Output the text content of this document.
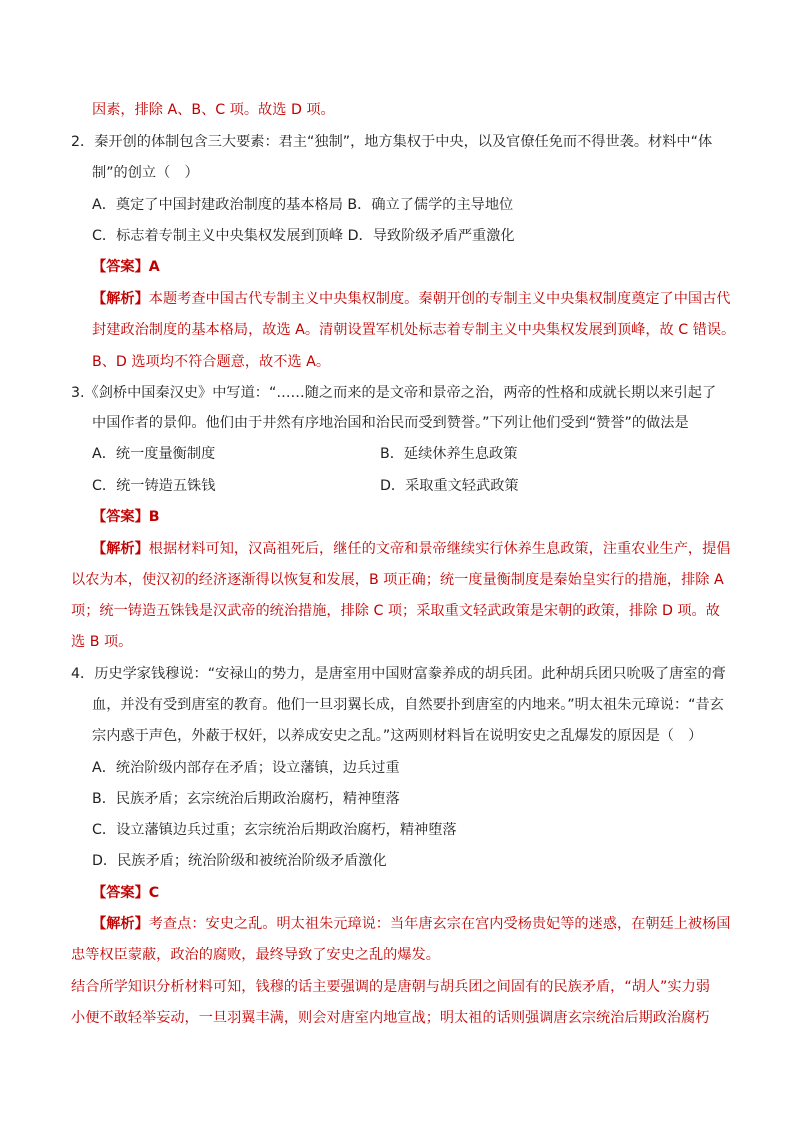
因素，排除 A、B、C 项。故选 D 项。
2．秦开创的体制包含三大要素：君主“独制”，地方集权于中央，以及官僚任免而不得世袭。材料中“体
制”的创立（　）
A．奠定了中国封建政治制度的基本格局 B．确立了儒学的主导地位
C．标志着专制主义中央集权发展到顶峰 D．导致阶级矛盾严重激化
【答案】A
【解析】本题考查中国古代专制主义中央集权制度。秦朝开创的专制主义中央集权制度奠定了中国古代
封建政治制度的基本格局，故选 A。清朝设置军机处标志着专制主义中央集权发展到顶峰，故 C 错误。
B、D 选项均不符合题意，故不选 A。
3.《剑桥中国秦汉史》中写道：“……随之而来的是文帝和景帝之治，两帝的性格和成就长期以来引起了
中国作者的景仰。他们由于井然有序地治国和治民而受到赞誉。”下列让他们受到“赞誉”的做法是
A．统一度量衡制度	B．延续休养生息政策
C．统一铸造五铢钱	D．采取重文轻武政策
【答案】B
【解析】根据材料可知，汉高祖死后，继任的文帝和景帝继续实行休养生息政策，注重农业生产，提倡
以农为本，使汉初的经济逐渐得以恢复和发展，B 项正确；统一度量衡制度是秦始皇实行的措施，排除 A
项；统一铸造五铢钱是汉武帝的统治措施，排除 C 项；采取重文轻武政策是宋朝的政策，排除 D 项。故
选 B 项。
4．历史学家钱穆说：“安禄山的势力，是唐室用中国财富豢养成的胡兵团。此种胡兵团只吮吸了唐室的膏
血，并没有受到唐室的教育。他们一旦羽翼长成，自然要扑到唐室的内地来。”明太祖朱元璋说：“昔玄
宗内惑于声色，外蔽于权奸，以养成安史之乱。”这两则材料旨在说明安史之乱爆发的原因是（　）
A．统治阶级内部存在矛盾；设立藩镇，边兵过重
B．民族矛盾；玄宗统治后期政治腐朽，精神堕落
C．设立藩镇边兵过重；玄宗统治后期政治腐朽，精神堕落
D．民族矛盾；统治阶级和被统治阶级矛盾激化
【答案】C
【解析】考查点：安史之乱。明太祖朱元璋说：当年唐玄宗在宫内受杨贵妃等的迷惑，在朝廷上被杨国
忠等权臣蒙蔽，政治的腐败，最终导致了安史之乱的爆发。
结合所学知识分析材料可知，钱穆的话主要强调的是唐朝与胡兵团之间固有的民族矛盾，“胡人”实力弱
小便不敢轻举妄动，一旦羽翼丰满，则会对唐室内地宣战；明太祖的话则强调唐玄宗统治后期政治腐朽
